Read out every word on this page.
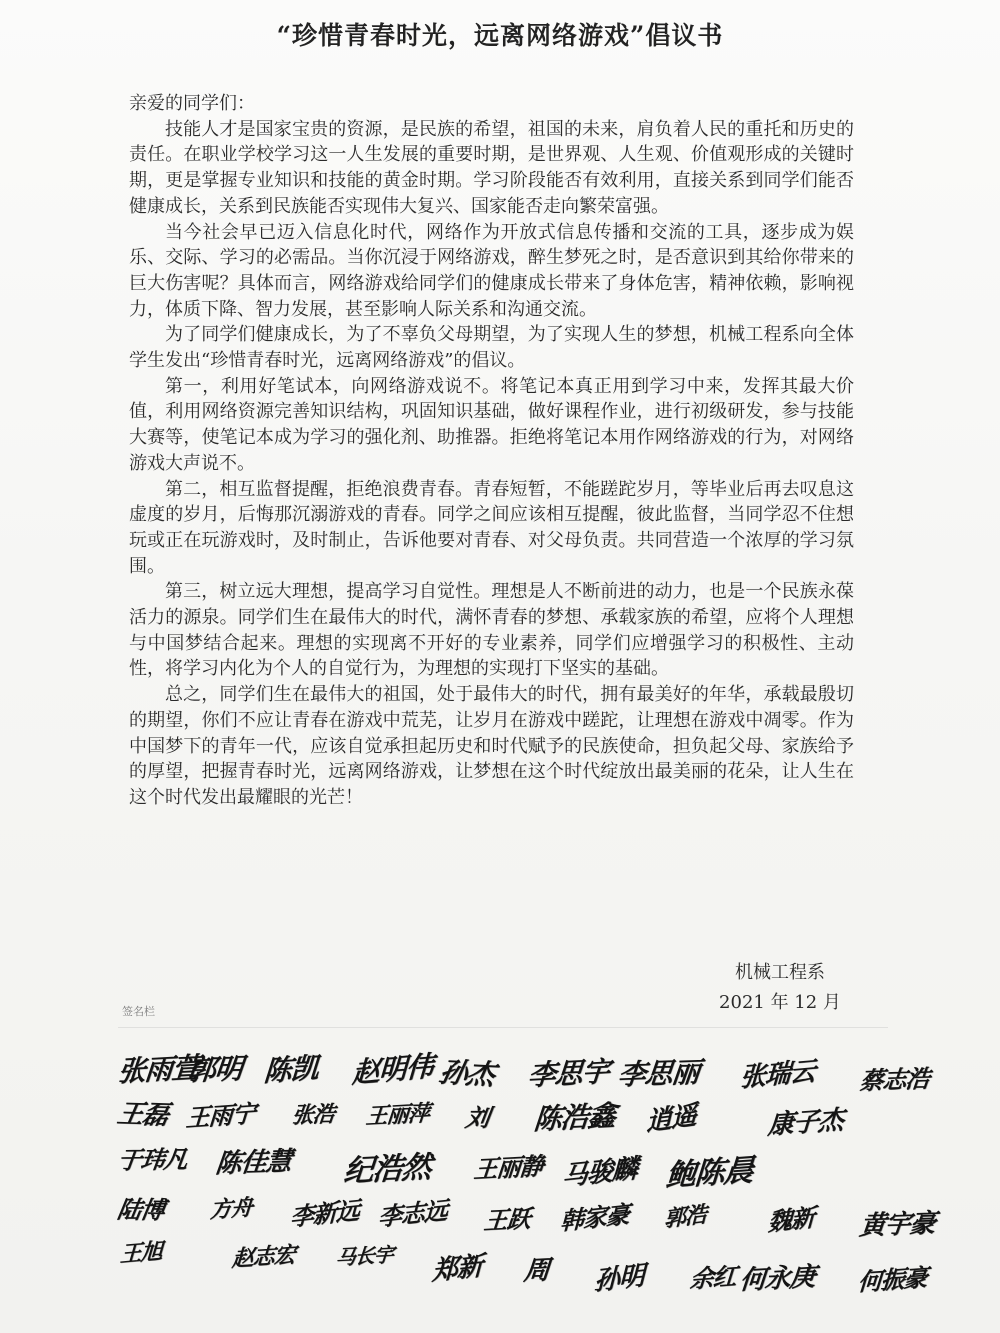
“珍惜青春时光，远离网络游戏”倡议书

亲爱的同学们：

技能人才是国家宝贵的资源，是民族的希望，祖国的未来，肩负着人民的重托和历史的责任。在职业学校学习这一人生发展的重要时期，是世界观、人生观、价值观形成的关键时期，更是掌握专业知识和技能的黄金时期。学习阶段能否有效利用，直接关系到同学们能否健康成长，关系到民族能否实现伟大复兴、国家能否走向繁荣富强。

当今社会早已迈入信息化时代，网络作为开放式信息传播和交流的工具，逐步成为娱乐、交际、学习的必需品。当你沉浸于网络游戏，醉生梦死之时，是否意识到其给你带来的巨大伤害呢？具体而言，网络游戏给同学们的健康成长带来了身体危害，精神依赖，影响视力，体质下降、智力发展，甚至影响人际关系和沟通交流。

为了同学们健康成长，为了不辜负父母期望，为了实现人生的梦想，机械工程系向全体学生发出“珍惜青春时光，远离网络游戏”的倡议。

第一，利用好笔试本，向网络游戏说不。将笔记本真正用到学习中来，发挥其最大价值，利用网络资源完善知识结构，巩固知识基础，做好课程作业，进行初级研发，参与技能大赛等，使笔记本成为学习的强化剂、助推器。拒绝将笔记本用作网络游戏的行为，对网络游戏大声说不。

第二，相互监督提醒，拒绝浪费青春。青春短暂，不能蹉跎岁月，等毕业后再去叹息这虚度的岁月，后悔那沉溺游戏的青春。同学之间应该相互提醒，彼此监督，当同学忍不住想玩或正在玩游戏时，及时制止，告诉他要对青春、对父母负责。共同营造一个浓厚的学习氛围。

第三，树立远大理想，提高学习自觉性。理想是人不断前进的动力，也是一个民族永葆活力的源泉。同学们生在最伟大的时代，满怀青春的梦想、承载家族的希望，应将个人理想与中国梦结合起来。理想的实现离不开好的专业素养，同学们应增强学习的积极性、主动性，将学习内化为个人的自觉行为，为理想的实现打下坚实的基础。

总之，同学们生在最伟大的祖国，处于最伟大的时代，拥有最美好的年华，承载最殷切的期望，你们不应让青春在游戏中荒芜，让岁月在游戏中蹉跎，让理想在游戏中凋零。作为中国梦下的青年一代，应该自觉承担起历史和时代赋予的民族使命，担负起父母、家族给予的厚望，把握青春时光，远离网络游戏，让梦想在这个时代绽放出最美丽的花朵，让人生在这个时代发出最耀眼的光芒！

机械工程系
2021 年 12 月
签名栏
张雨萱
郭明 陈凯 赵明伟 孙杰 李思宇 李思丽 张瑞云 蔡志浩
王磊 王雨宁 张浩 王丽萍 刘 陈浩鑫 逍遥	康子杰
于玮凡 陈佳慧 纪浩然 王丽静 马骏麟 鲍陈晨
陆博 方舟 李新远 李志远 王跃 韩家豪 郭浩	魏新 黄宇豪
王旭	赵志宏 马长宇 郑新 周 孙明 余红 何永庚 何振豪
